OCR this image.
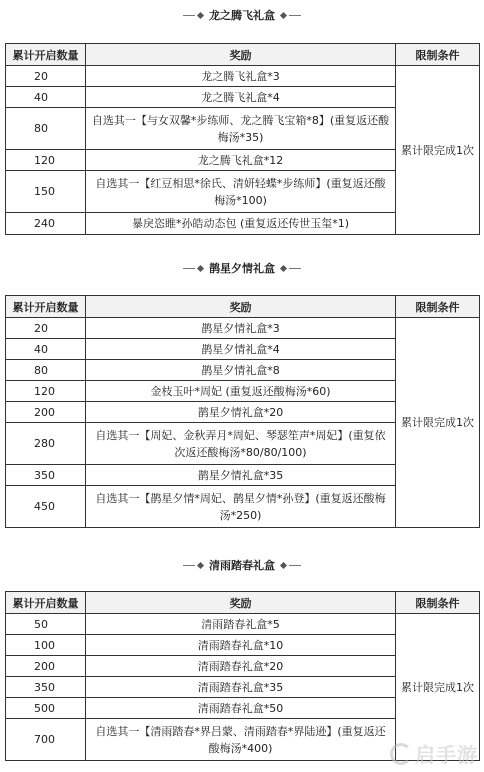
龙之腾飞礼盒
累计开启数量	奖励	限制条件
20	龙之腾飞礼盒*3	累计限完成1次
40	龙之腾飞礼盒*4	
80	自选其一【与女双馨*步练师、龙之腾飞宝箱*8】(重复返还酸梅汤*35)	
120	龙之腾飞礼盒*12	
150	自选其一【红豆相思*徐氏、清妍轻蝶*步练师】(重复返还酸梅汤*100)	
240	暴戾恣睢*孙皓动态包 (重复返还传世玉玺*1)	
鹊星夕情礼盒
累计开启数量	奖励	限制条件
20	鹊星夕情礼盒*3	累计限完成1次
40	鹊星夕情礼盒*4	
80	鹊星夕情礼盒*8	
120	金枝玉叶*周妃 (重复返还酸梅汤*60)	
200	鹊星夕情礼盒*20	
280	自选其一【周妃、金秋弄月*周妃、琴瑟笙声*周妃】(重复依次返还酸梅汤*80/80/100)	
350	鹊星夕情礼盒*35	
450	自选其一【鹊星夕情*周妃、鹊星夕情*孙登】(重复返还酸梅汤*250)	
清雨踏春礼盒
累计开启数量	奖励	限制条件
50	清雨踏春礼盒*5	累计限完成1次
100	清雨踏春礼盒*10	
200	清雨踏春礼盒*20	
350	清雨踏春礼盒*35	
500	清雨踏春礼盒*50	
700	自选其一【清雨踏春*界吕蒙、清雨踏春*界陆逊】(重复返还酸梅汤*400)		启手游
